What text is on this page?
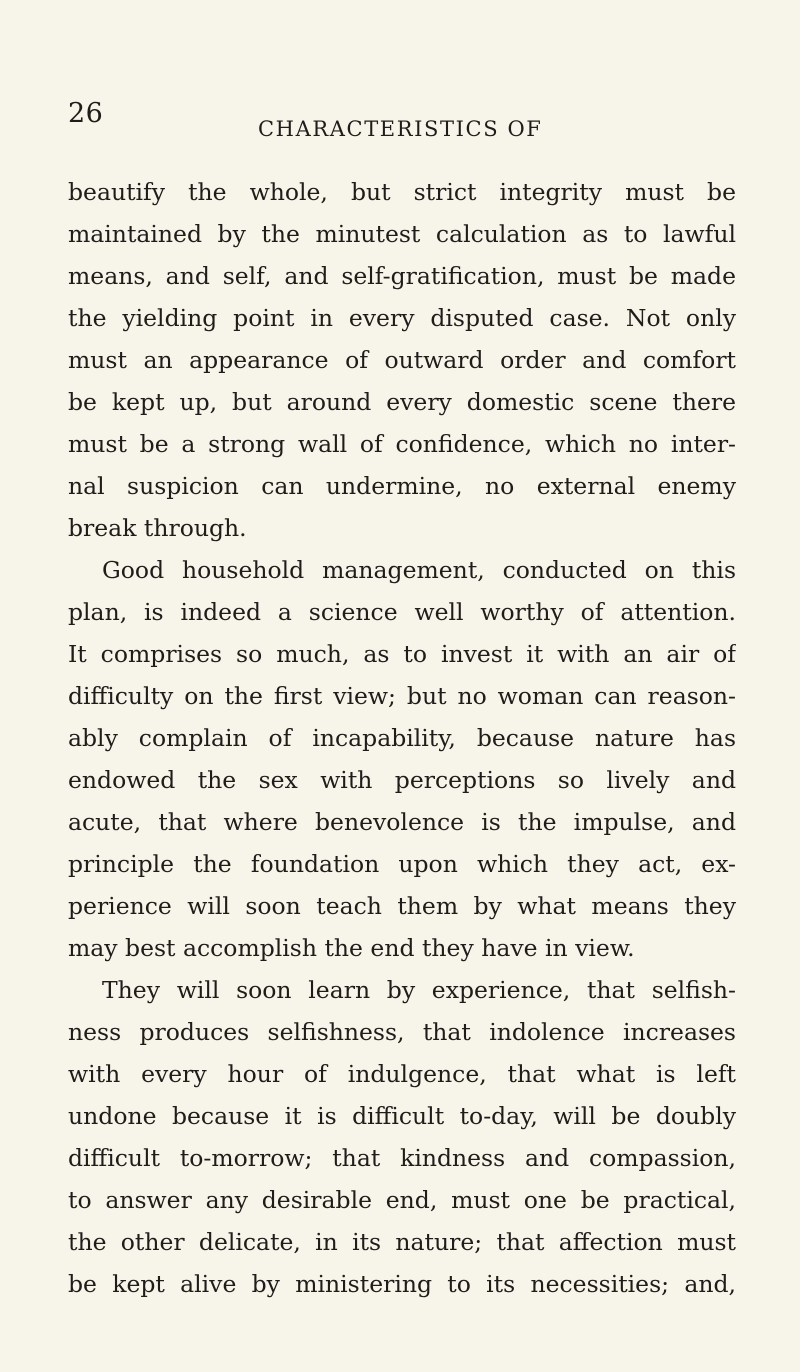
26	CHARACTERISTICS OF
beautify the whole, but strict integrity must be
maintained by the minutest calculation as to lawful
means, and self, and self-gratification, must be made
the yielding point in every disputed case. Not only
must an appearance of outward order and comfort
be kept up, but around every domestic scene there
must be a strong wall of confidence, which no inter-
nal suspicion can undermine, no external enemy
break through.
Good household management, conducted on this
plan, is indeed a science well worthy of attention.
It comprises so much, as to invest it with an air of
difficulty on the first view; but no woman can reason-
ably complain of incapability, because nature has
endowed the sex with perceptions so lively and
acute, that where benevolence is the impulse, and
principle the foundation upon which they act, ex-
perience will soon teach them by what means they
may best accomplish the end they have in view.
They will soon learn by experience, that selfish-
ness produces selfishness, that indolence increases
with every hour of indulgence, that what is left
undone because it is difficult to-day, will be doubly
difficult to-morrow; that kindness and compassion,
to answer any desirable end, must one be practical,
the other delicate, in its nature; that affection must
be kept alive by ministering to its necessities; and,
